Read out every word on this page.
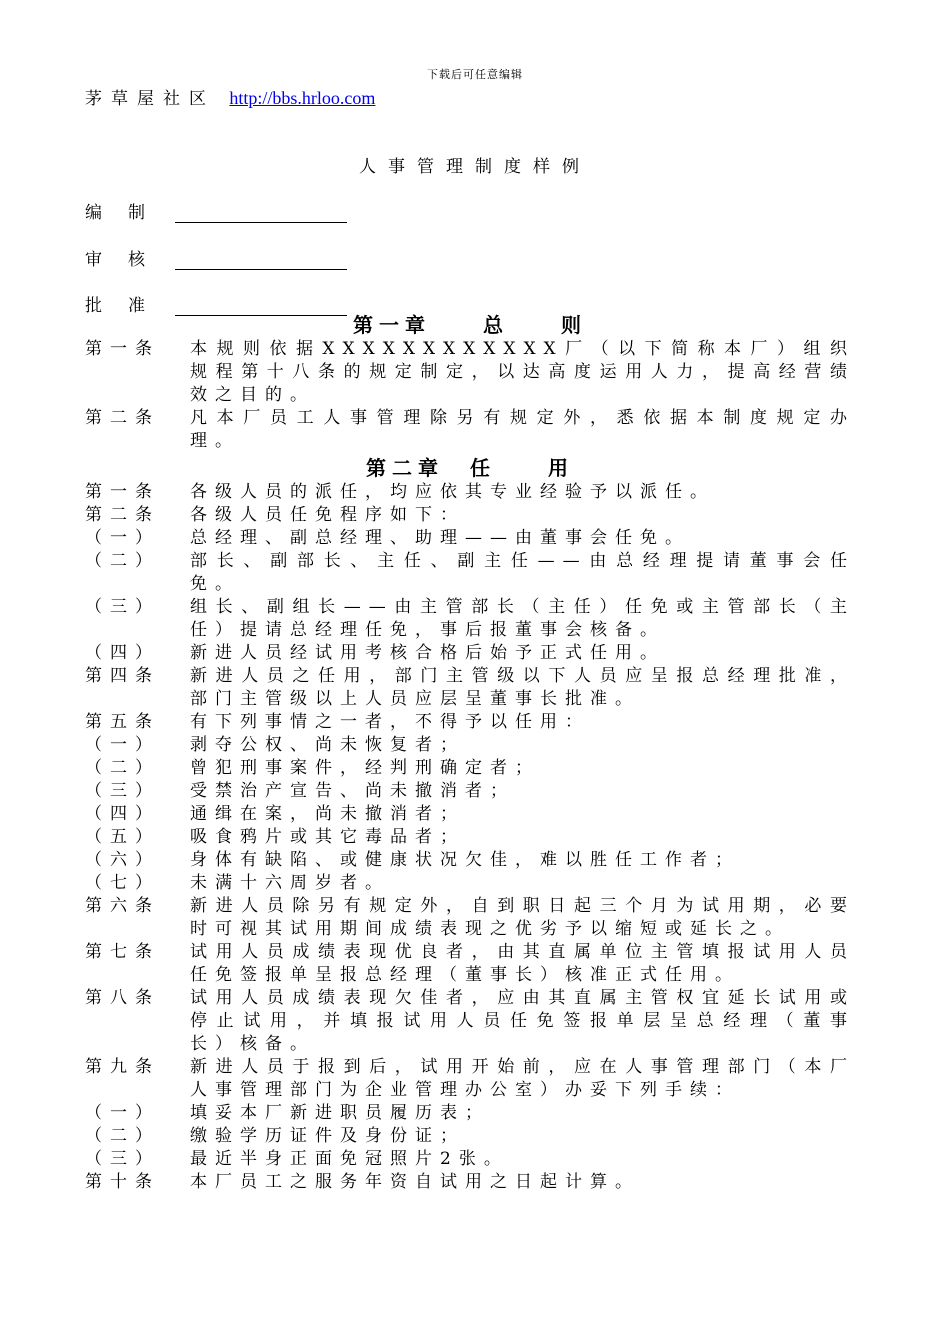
下载后可任意编辑
茅草屋社区 http://bbs.hrloo.com
人事管理制度样例
编制
审核
批准
第一章　　总　　则
第一条	本规则依据XXXXXXXXXXXX厂（以下简称本厂）组织规程第十八条的规定制定，以达高度运用人力，提高经营绩效之目的。
第二条	凡本厂员工人事管理除另有规定外，悉依据本制度规定办理。
第二章　任　　用
第一条	各级人员的派任，均应依其专业经验予以派任。
第二条	各级人员任免程序如下：
（一）	总经理、副总经理、助理——由董事会任免。
（二）	部长、副部长、主任、副主任——由总经理提请董事会任免。
（三）	组长、副组长——由主管部长（主任）任免或主管部长（主任）提请总经理任免，事后报董事会核备。
（四）	新进人员经试用考核合格后始予正式任用。
第四条	新进人员之任用，部门主管级以下人员应呈报总经理批准，部门主管级以上人员应层呈董事长批准。
第五条	有下列事情之一者，不得予以任用：
（一）	剥夺公权、尚未恢复者；
（二）	曾犯刑事案件，经判刑确定者；
（三）	受禁治产宣告、尚未撤消者；
（四）	通缉在案，尚未撤消者；
（五）	吸食鸦片或其它毒品者；
（六）	身体有缺陷、或健康状况欠佳，难以胜任工作者；
（七）	未满十六周岁者。
第六条	新进人员除另有规定外，自到职日起三个月为试用期，必要时可视其试用期间成绩表现之优劣予以缩短或延长之。
第七条	试用人员成绩表现优良者，由其直属单位主管填报试用人员任免签报单呈报总经理（董事长）核准正式任用。
第八条	试用人员成绩表现欠佳者，应由其直属主管权宜延长试用或停止试用，并填报试用人员任免签报单层呈总经理（董事长）核备。
第九条	新进人员于报到后，试用开始前，应在人事管理部门（本厂人事管理部门为企业管理办公室）办妥下列手续：
（一）	填妥本厂新进职员履历表；
（二）	缴验学历证件及身份证；
（三）	最近半身正面免冠照片2张。
第十条	本厂员工之服务年资自试用之日起计算。
